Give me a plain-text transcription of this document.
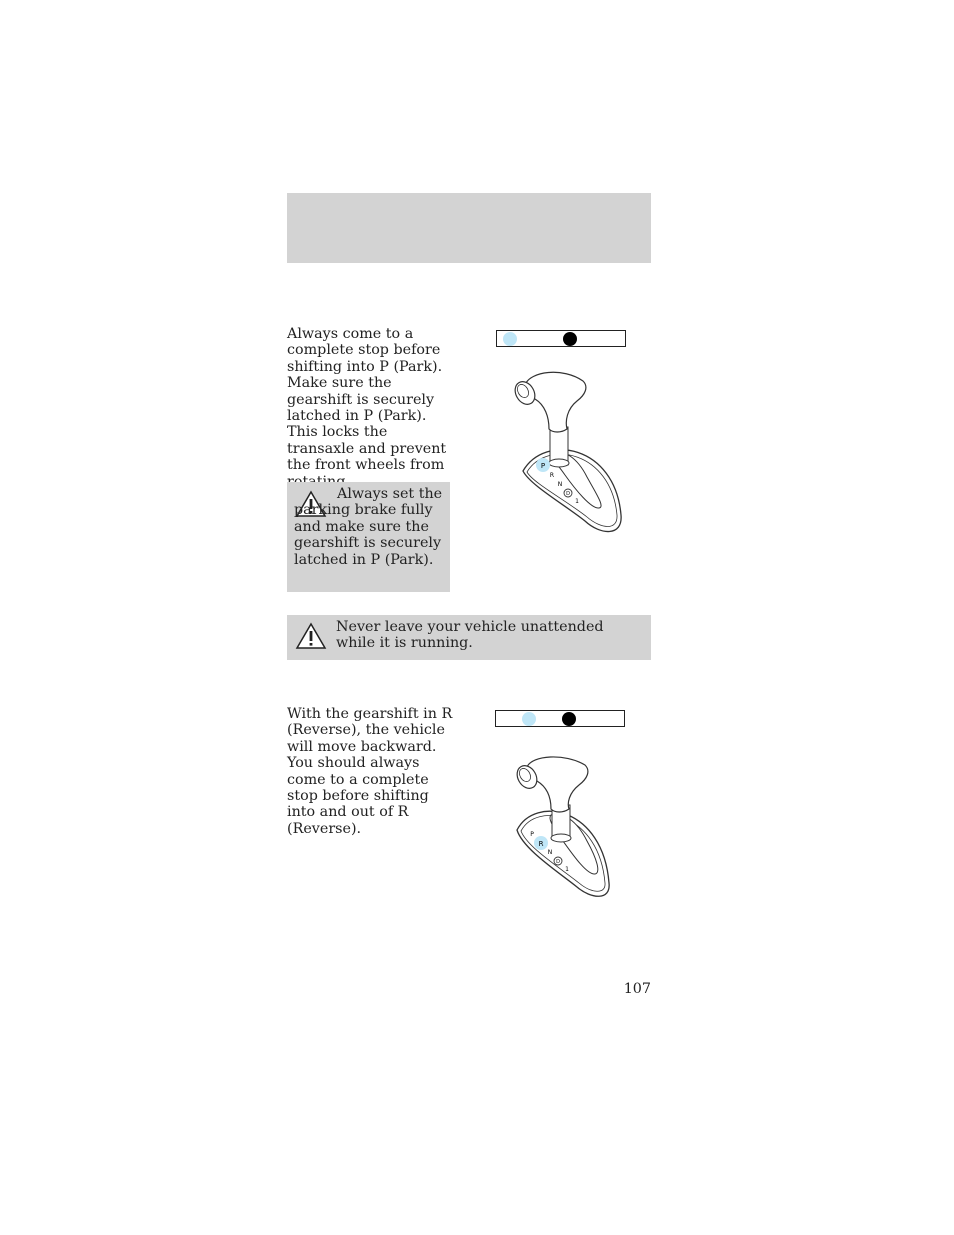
Always come to a complete stop before shifting into P (Park). Make sure the gearshift is securely latched in P (Park). This locks the transaxle and prevent the front wheels from	P
R
N
D
1

Always set the parking brake fully and make sure the gearshift is securely latched in P (Park).

Never leave your vehicle unattended while it is running.

With the gearshift in R (Reverse), the vehicle will move backward. You should always come to a complete stop before shifting into and out of R (Reverse).	P
R
N
D
1
107
